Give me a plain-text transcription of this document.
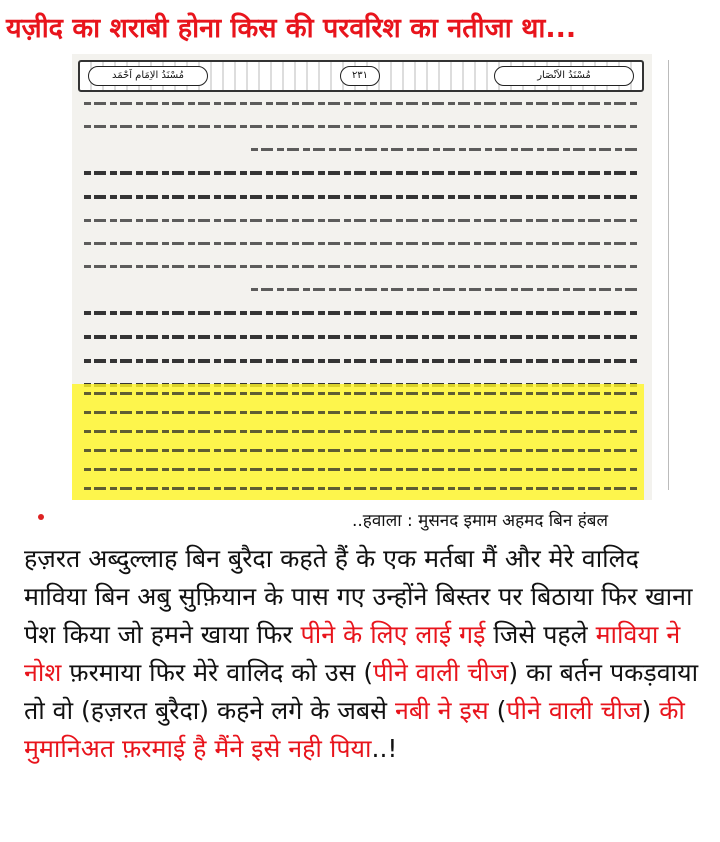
यज़ीद का शराबी होना किस की परवरिश का नतीजा था...
مُسْنَدُ الاِمَام اَحْمَد	٢٣١	مُسْنَدُ الاَنْصَار
..हवाला : मुसनद इमाम अहमद बिन हंबल
हज़रत अब्दुल्लाह बिन बुरैदा कहते हैं के एक मर्तबा मैं और मेरे वालिद माविया बिन अबु सुफ़ियान के पास गए उन्होंने बिस्तर पर बिठाया फिर खाना पेश किया जो हमने खाया फिर पीने के लिए लाई गई जिसे पहले माविया ने नोश फ़रमाया फिर मेरे वालिद को उस (पीने वाली चीज) का बर्तन पकड़वाया तो वो (हज़रत बुरैदा) कहने लगे के जबसे नबी ने इस (पीने वाली चीज) की मुमानिअत फ़रमाई है मैंने इसे नही पिया..!
